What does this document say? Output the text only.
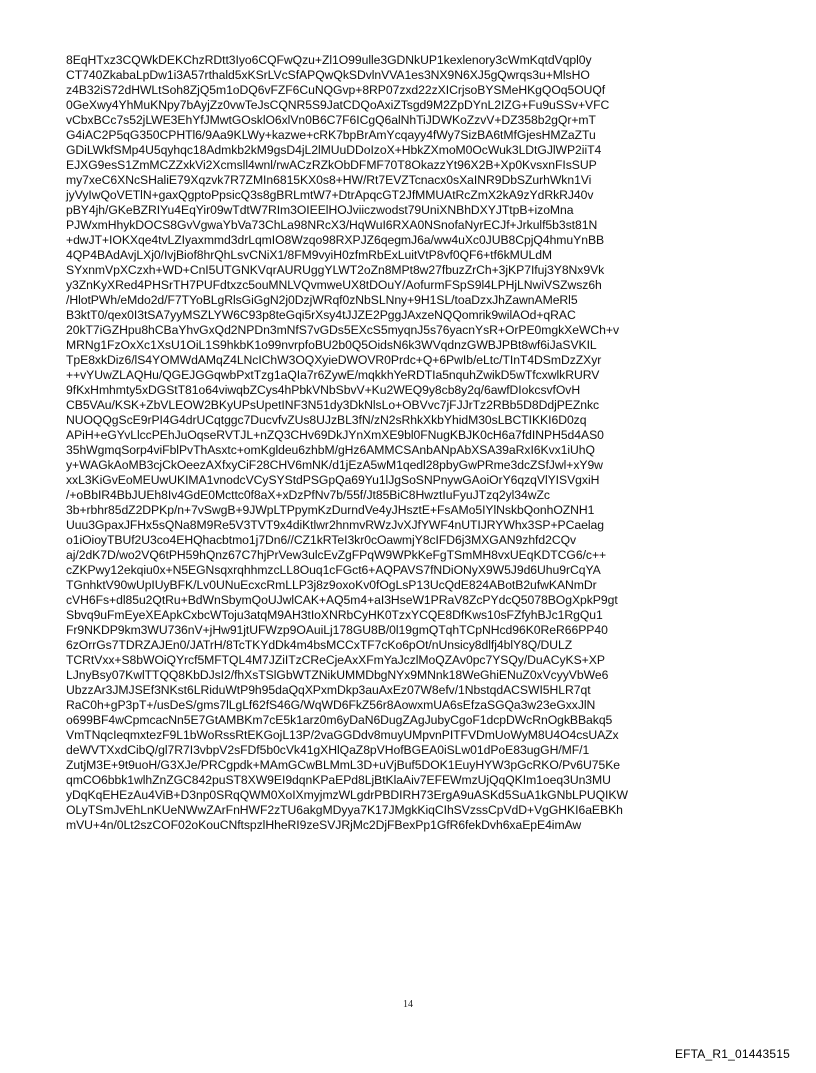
8EqHTxz3CQWkDEKChzRDtt3Iyo6CQFwQzu+Zl1O99ulle3GDNkUP1kexlenory3cWmKqtdVqpl0y
CT740ZkabaLpDw1i3A57rthald5xKSrLVcSfAPQwQkSDvlnVVA1es3NX9N6XJ5gQwrqs3u+MlsHO
z4B32iS72dHWLtSoh8ZjQ5m1oDQ6vFZF6CuNQGvp+8RP07zxd22zXICrjsoBYSMeHKgQOq5OUQf
0GeXwy4YhMuKNpy7bAyjZz0vwTeJsCQNR5S9JatCDQoAxiZTsgd9M2ZpDYnL2IZG+Fu9uSSv+VFC
vCbxBCc7s52jLWE3EhYfJMwtGOsklO6xlVn0B6C7F6ICgQ6alNhTiJDWKoZzvV+DZ358b2gQr+mT
G4iAC2P5qG350CPHTl6/9Aa9KLWy+kazwe+cRK7bpBrAmYcqayy4fWy7SizBA6tMfGjesHMZaZTu
GDiLWkfSMp4U5qyhqc18Admkb2kM9gsD4jL2lMUuDDoIzoX+HbkZXmoM0OcWuk3LDtGJlWP2iiT4
EJXG9esS1ZmMCZZxkVi2Xcmsll4wnl/rwACzRZkObDFMF70T8OkazzYt96X2B+Xp0KvsxnFIsSUP
my7xeC6XNcSHaliE79Xqzvk7R7ZMIn6815KX0s8+HW/Rt7EVZTcnacx0sXaINR9DbSZurhWkn1Vi
jyVyIwQoVETlN+gaxQgptoPpsicQ3s8gBRLmtW7+DtrApqcGT2JfMMUAtRcZmX2kA9zYdRkRJ40v
pBY4jh/GKeBZRIYu4EqYir09wTdtW7RIm3OIEElHOJviiczwodst79UniXNBhDXYJTtpB+izoMna
PJWxmHhykDOCS8GvVgwaYbVa73ChLa98NRcX3/HqWuI6RXA0NSnofaNyrECJf+Jrkulf5b3st81N
+dwJT+IOKXqe4tvLZIyaxmmd3drLqmIO8Wzqo98RXPJZ6qegmJ6a/ww4uXc0JUB8CpjQ4hmuYnBB
4QP4BAdAvjLXj0/IvjBiof8hrQhLsvCNiX1/8FM9vyiH0zfmRbExLuitVtP8vf0QF6+tf6kMULdM
SYxnmVpXCzxh+WD+CnI5UTGNKVqrAURUggYLWT2oZn8MPt8w27fbuzZrCh+3jKP7Ifuj3Y8Nx9Vk
y3ZnKyXRed4PHSrTH7PUFdtxzc5ouMNLVQvmweUX8tDOuY/AofurmFSpS9l4LPHjLNwiVSZwsz6h
/HlotPWh/eMdo2d/F7TYoBLgRlsGiGgN2j0DzjWRqf0zNbSLNny+9H1SL/toaDzxJhZawnAMeRl5
B3ktT0/qex0I3tSA7yyMSZLYW6C93p8teGqi5rXsy4tJJZE2PggJAxzeNQQomrik9wilAOd+qRAC
20kT7iGZHpu8hCBaYhvGxQd2NPDn3mNfS7vGDs5EXcS5myqnJ5s76yacnYsR+OrPE0mgkXeWCh+v
MRNg1FzOxXc1XsU1OiL1S9hkbK1o99nvrpfoBU2b0Q5OidsN6k3WVqdnzGWBJPBt8wf6iJaSVKIL
TpE8xkDiz6/lS4YOMWdAMqZ4LNcIChW3OQXyieDWOVR0Prdc+Q+6PwIb/eLtc/TInT4DSmDzZXyr
++vYUwZLAQHu/QGEJGGqwbPxtTzg1aQIa7r6ZywE/mqkkhYeRDTIa5nquhZwikD5wTfcxwlkRURV
9fKxHmhmty5xDGStT81o64viwqbZCys4hPbkVNbSbvV+Ku2WEQ9y8cb8y2q/6awfDIokcsvfOvH
CB5VAu/KSK+ZbVLEOW2BKyUPsUpetINF3N51dy3DkNlsLo+OBVvc7jFJJrTz2RBb5D8DdjPEZnkc
NUOQQgScE9rPI4G4drUCqtggc7DucvfvZUs8UJzBL3fN/zN2sRhkXkbYhidM30sLBCTIKKI6D0zq
APiH+eGYvLlccPEhJuOqseRVTJL+nZQ3CHv69DkJYnXmXE9bl0FNugKBJK0cH6a7fdINPH5d4AS0
35hWgmqSorp4viFblPvThAsxtc+omKgldeu6zhbM/gHz6AMMCSAnbANpAbXSA39aRxI6Kvx1iUhQ
y+WAGkAoMB3cjCkOeezAXfxyCiF28CHV6mNK/d1jEzA5wM1qedl28pbyGwPRme3dcZSfJwl+xY9w
xxL3KiGvEoMEUwUKIMA1vnodcVCySYStdPSGpQa69Yu1lJgSoSNPnywGAoiOrY6qzqVlYISVgxiH
/+oBbIR4BbJUEh8Iv4GdE0Mcttc0f8aX+xDzPfNv7b/55f/Jt85BiC8HwztIuFyuJTzq2yl34wZc
3b+rbhr85dZ2DPKp/n+7vSwgB+9JWpLTPpymKzDurndVe4yJHsztE+FsAMo5IYlNskbQonhOZNH1
Uuu3GpaxJFHx5sQNa8M9Re5V3TVT9x4diKtlwr2hnmvRWzJvXJfYWF4nUTIJRYWhx3SP+PCaelag
o1iOioyTBUf2U3co4EHQhacbtmo1j7Dn6//CZ1kRTeI3kr0cOawmjY8cIFD6j3MXGAN9zhfd2CQv
aj/2dK7D/wo2VQ6tPH59hQnz67C7hjPrVew3ulcEvZgFPqW9WPkKeFgTSmMH8vxUEqKDTCG6/c++
cZKPwy12ekqiu0x+N5EGNsqxrqhhmzcLL8Ouq1cFGct6+AQPAVS7fNDiONyX9W5J9d6Uhu9rCqYA
TGnhktV90wUpIUyBFK/Lv0UNuEcxcRmLLP3j8z9oxoKv0fOgLsP13UcQdE824ABotB2ufwKANmDr
cVH6Fs+dl85u2QtRu+BdWnSbymQoUJwlCAK+AQ5m4+aI3HseW1PRaV8ZcPYdcQ5078BOgXpkP9gt
Sbvq9uFmEyeXEApkCxbcWToju3atqM9AH3tIoXNRbCyHK0TzxYCQE8DfKws10sFZfyhBJc1RgQu1
Fr9NKDP9km3WU736nV+jHw91jtUFWzp9OAuiLj178GU8B/0l19gmQTqhTCpNHcd96K0ReR66PP40
6zOrrGs7TDRZAJEn0/JATrH/8TcTKYdDk4m4bsMCCxTF7cKo6pOt/nUnsicy8dlfj4blY8Q/DULZ
TCRtVxx+S8bWOiQYrcf5MFTQL4M7JZiITzCReCjeAxXFmYaJczlMoQZAv0pc7YSQy/DuACyKS+XP
LJnyBsy07KwlTTQQ8KbDJsI2/fhXsTSlGbWTZNikUMMDbgNYx9MNnk18WeGhiENuZ0xVcyyVbWe6
UbzzAr3JMJSEf3NKst6LRiduWtP9h95daQqXPxmDkp3auAxEz07W8efv/1NbstqdACSWI5HLR7qt
RaC0h+gP3pT+/usDeS/gms7lLgLf62fS46G/WqWD6FkZ56r8AowxmUA6sEfzaSGQa3w23eGxxJlN
o699BF4wCpmcacNn5E7GtAMBKm7cE5k1arz0m6yDaN6DugZAgJubyCgoF1dcpDWcRnOgkBBakq5
VmTNqcIeqmxtezF9L1bWoRssRtEKGojL13P/2vaGGDdv8muyUMpvnPITFVDmUoWyM8U4O4csUAZx
deWVTXxdCibQ/gl7R7I3vbpV2sFDf5b0cVk41gXHlQaZ8pVHofBGEA0iSLw01dPoE83ugGH/MF/1
ZutjM3E+9t9uoH/G3XJe/PRCgpdk+MAmGCwBLMmL3D+uVjBuf5DOK1EuyHYW3pGcRKO/Pv6U75Ke
qmCO6bbk1wlhZnZGC842puST8XW9EI9dqnKPaEPd8LjBtKlaAiv7EFEWmzUjQqQKIm1oeq3Un3MU
yDqKqEHEzAu4ViB+D3np0SRqQWM0XoIXmyjmzWLgdrPBDIRH73ErgA9uASKd5SuA1kGNbLPUQIKW
OLyTSmJvEhLnKUeNWwZArFnHWF2zTU6akgMDyya7K17JMgkKiqCIhSVzssCpVdD+VgGHKI6aEBKh
mVU+4n/0Lt2szCOF02oKouCNftspzlHheRI9zeSVJRjMc2DjFBexPp1GfR6fekDvh6xaEpE4imAw
14
EFTA_R1_01443515
